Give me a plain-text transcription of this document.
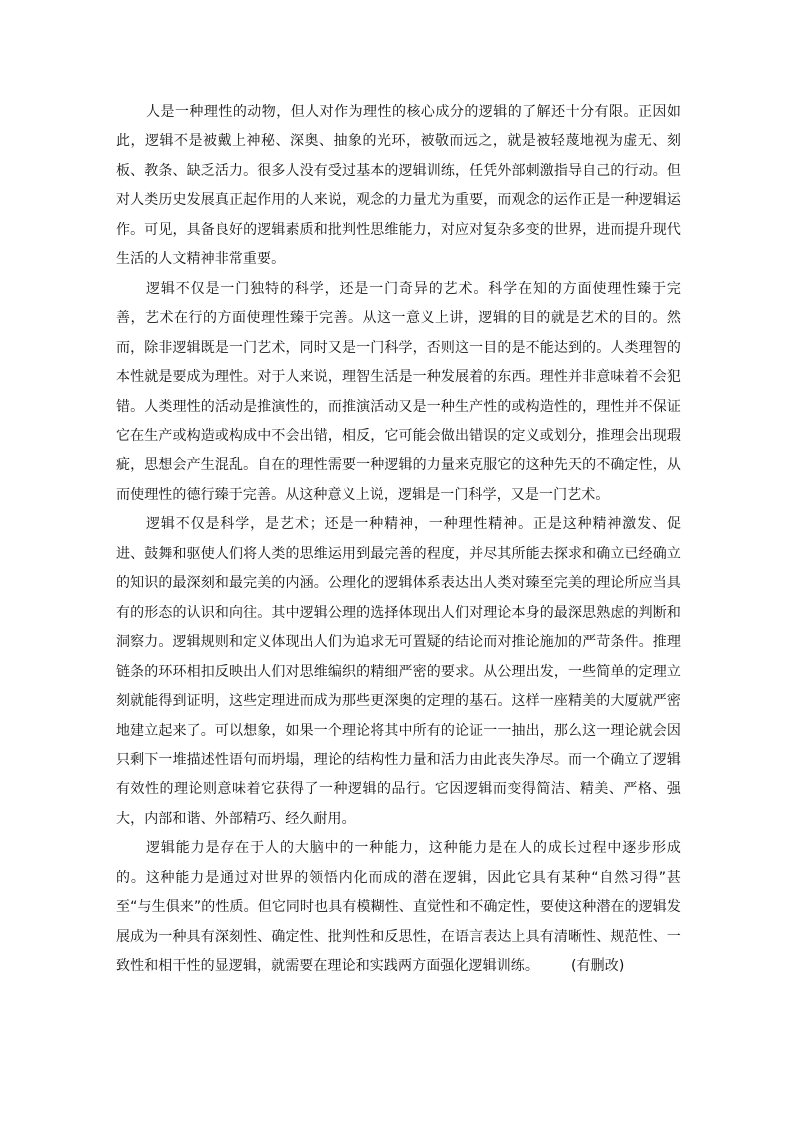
人是一种理性的动物，但人对作为理性的核心成分的逻辑的了解还十分有限。正因如此，逻辑不是被戴上神秘、深奥、抽象的光环，被敬而远之，就是被轻蔑地视为虚无、刻板、教条、缺乏活力。很多人没有受过基本的逻辑训练，任凭外部刺激指导自己的行动。但对人类历史发展真正起作用的人来说，观念的力量尤为重要，而观念的运作正是一种逻辑运作。可见，具备良好的逻辑素质和批判性思维能力，对应对复杂多变的世界，进而提升现代生活的人文精神非常重要。

逻辑不仅是一门独特的科学，还是一门奇异的艺术。科学在知的方面使理性臻于完善，艺术在行的方面使理性臻于完善。从这一意义上讲，逻辑的目的就是艺术的目的。然而，除非逻辑既是一门艺术，同时又是一门科学，否则这一目的是不能达到的。人类理智的本性就是要成为理性。对于人来说，理智生活是一种发展着的东西。理性并非意味着不会犯错。人类理性的活动是推演性的，而推演活动又是一种生产性的或构造性的，理性并不保证它在生产或构造或构成中不会出错，相反，它可能会做出错误的定义或划分，推理会出现瑕疵，思想会产生混乱。自在的理性需要一种逻辑的力量来克服它的这种先天的不确定性，从而使理性的德行臻于完善。从这种意义上说，逻辑是一门科学，又是一门艺术。

逻辑不仅是科学，是艺术；还是一种精神，一种理性精神。正是这种精神激发、促进、鼓舞和驱使人们将人类的思维运用到最完善的程度，并尽其所能去探求和确立已经确立的知识的最深刻和最完美的内涵。公理化的逻辑体系表达出人类对臻至完美的理论所应当具有的形态的认识和向往。其中逻辑公理的选择体现出人们对理论本身的最深思熟虑的判断和洞察力。逻辑规则和定义体现出人们为追求无可置疑的结论而对推论施加的严苛条件。推理链条的环环相扣反映出人们对思维编织的精细严密的要求。从公理出发，一些简单的定理立刻就能得到证明，这些定理进而成为那些更深奥的定理的基石。这样一座精美的大厦就严密地建立起来了。可以想象，如果一个理论将其中所有的论证一一抽出，那么这一理论就会因只剩下一堆描述性语句而坍塌，理论的结构性力量和活力由此丧失净尽。而一个确立了逻辑有效性的理论则意味着它获得了一种逻辑的品行。它因逻辑而变得简洁、精美、严格、强大，内部和谐、外部精巧、经久耐用。

逻辑能力是存在于人的大脑中的一种能力，这种能力是在人的成长过程中逐步形成的。这种能力是通过对世界的领悟内化而成的潜在逻辑，因此它具有某种“自然习得”甚至“与生俱来”的性质。但它同时也具有模糊性、直觉性和不确定性，要使这种潜在的逻辑发展成为一种具有深刻性、确定性、批判性和反思性，在语言表达上具有清晰性、规范性、一致性和相干性的显逻辑，就需要在理论和实践两方面强化逻辑训练。 (有删改)
